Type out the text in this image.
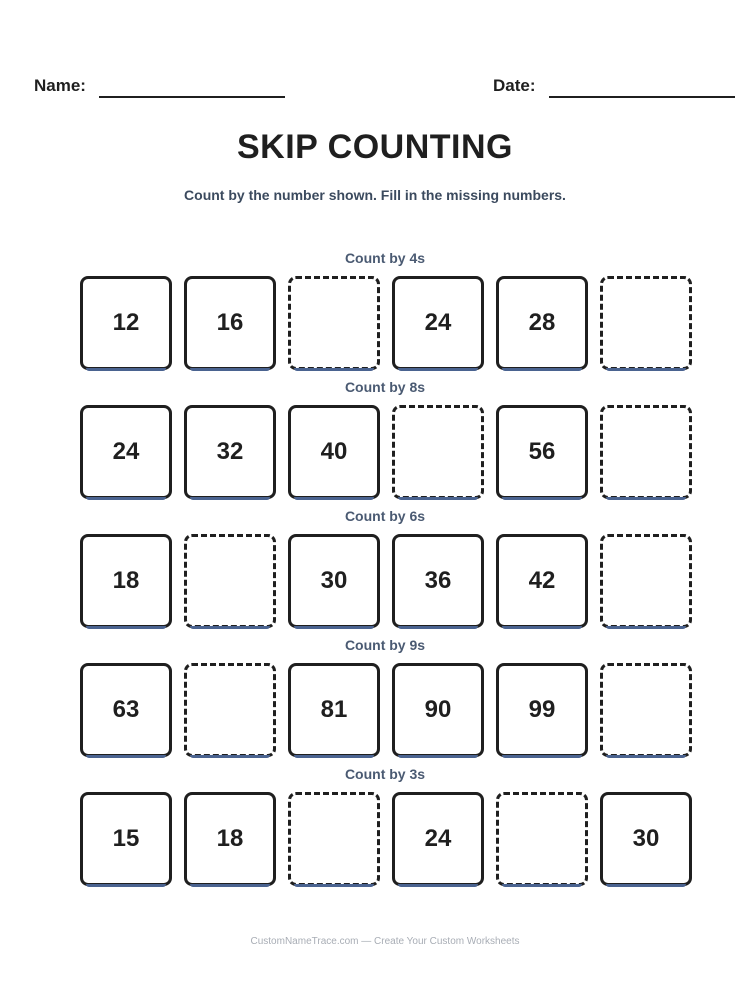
Name:	Date:
SKIP COUNTING
Count by the number shown. Fill in the missing numbers.
Count by 4s
12	16	24	28
Count by 8s
24	32	40	56
Count by 6s
18	30	36	42
Count by 9s
63	81	90	99
Count by 3s
15	18	24	30
CustomNameTrace.com — Create Your Custom Worksheets
